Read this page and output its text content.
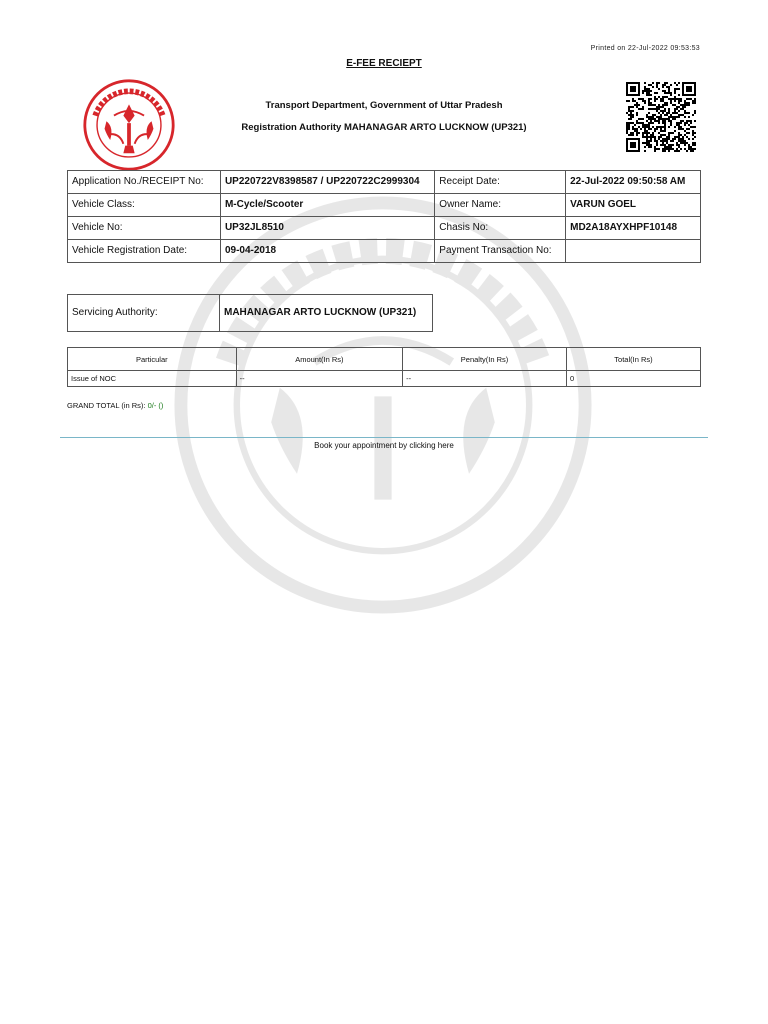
Printed on 22-Jul-2022 09:53:53
E-FEE RECIEPT
Transport Department, Government of Uttar Pradesh
Registration Authority MAHANAGAR ARTO LUCKNOW (UP321)
Application No./RECEIPT No:	UP220722V8398587 / UP220722C2999304	Receipt Date:	22-Jul-2022 09:50:58 AM
Vehicle Class:	M-Cycle/Scooter	Owner Name:	VARUN GOEL
Vehicle No:	UP32JL8510	Chasis No:	MD2A18AYXHPF10148
Vehicle Registration Date:	09-04-2018	Payment Transaction No:	
Servicing Authority:	MAHANAGAR ARTO LUCKNOW (UP321)
Particular	Amount(In Rs)	Penalty(In Rs)	Total(In Rs)
Issue of NOC	--	--	0
GRAND TOTAL (in Rs): 0/- ()
Book your appointment by clicking here
